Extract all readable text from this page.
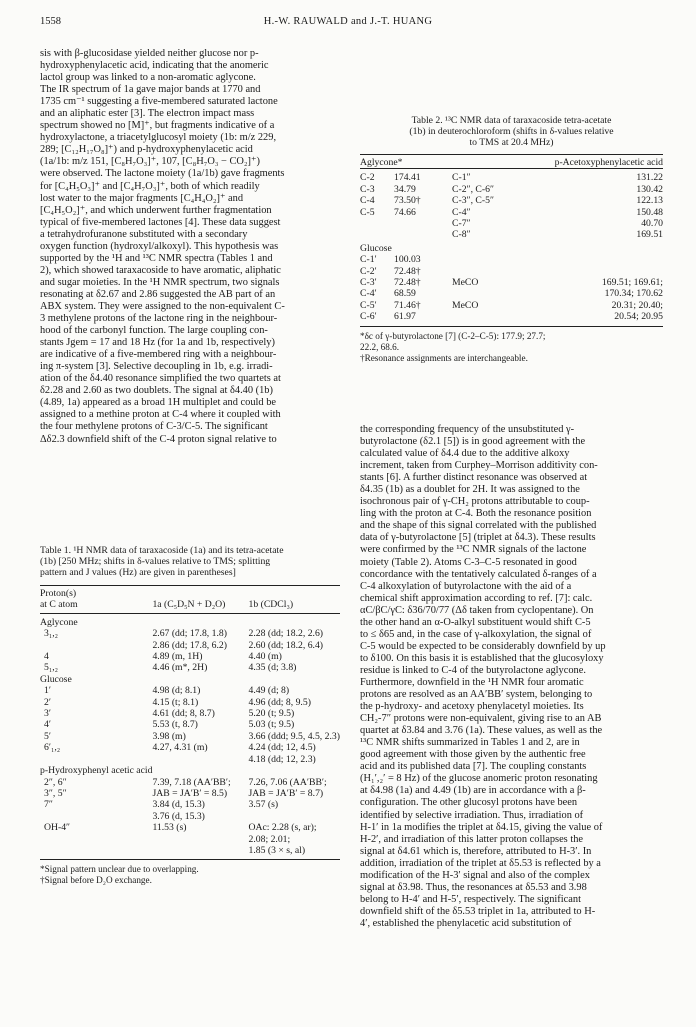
1558	H.-W. RAUWALD and J.-T. HUANG

sis with β-glucosidase yielded neither glucose nor p-
hydroxyphenylacetic acid, indicating that the anomeric
lactol group was linked to a non-aromatic aglycone.
The IR spectrum of 1a gave major bands at 1770 and
1735 cm⁻¹ suggesting a five-membered saturated lactone
and an aliphatic ester [3]. The electron impact mass
spectrum showed no [M]⁺, but fragments indicative of a
hydroxylactone, a triacetylglucosyl moiety (1b: m/z 229,
289; [C₁₂H₁₇O₈]⁺) and p-hydroxyphenylacetic acid
(1a/1b: m/z 151, [C₈H₇O₃]⁺, 107, [C₈H₇O₃ − CO₂]⁺)
were observed. The lactone moiety (1a/1b) gave fragments
for [C₄H₅O₃]⁺ and [C₄H₇O₃]⁺, both of which readily
lost water to the major fragments [C₄H₄O₂]⁺ and
[C₄H₅O₂]⁺, and which underwent further fragmentation
typical of five-membered lactones [4]. These data suggest
a tetrahydrofuranone substituted with a secondary
oxygen function (hydroxyl/alkoxyl). This hypothesis was
supported by the ¹H and ¹³C NMR spectra (Tables 1 and
2), which showed taraxacoside to have aromatic, aliphatic
and sugar moieties. In the ¹H NMR spectrum, two signals
resonating at δ2.67 and 2.86 suggested the AB part of an
ABX system. They were assigned to the non-equivalent C-
3 methylene protons of the lactone ring in the neighbour-
hood of the carbonyl function. The large coupling con-
stants Jgem = 17 and 18 Hz (for 1a and 1b, respectively)
are indicative of a five-membered ring with a neighbour-
ing π-system [3]. Selective decoupling in 1b, e.g. irradi-
ation of the δ4.40 resonance simplified the two quartets at
δ2.28 and 2.60 as two doublets. The signal at δ4.40 (1b)
(4.89, 1a) appeared as a broad 1H multiplet and could be
assigned to a methine proton at C-4 where it coupled with
the four methylene protons of C-3/C-5. The significant
Δδ2.3 downfield shift of the C-4 proton signal relative to

Table 2. ¹³C NMR data of taraxacoside tetra-acetate
(1b) in deuterochloroform (shifts in δ-values relative
to TMS at 20.4 MHz)

Aglycone*		p-Acetoxyphenylacetic acid	

C-2	174.41	C-1″	131.22
C-3	34.79	C-2″, C-6″	130.42
C-4	73.50†	C-3″, C-5″	122.13
C-5	74.66	C-4″	150.48
		C-7″	40.70
		C-8″	169.51
Glucose			
C-1′	100.03		
C-2′	72.48†		
C-3′	72.48†	MeCO	169.51; 169.61;
C-4′	68.59		170.34; 170.62
C-5′	71.46†	MeCO	20.31; 20.40;
C-6′	61.97		20.54; 20.95

*δc of γ-butyrolactone [7] (C-2–C-5): 177.9; 27.7;
22.2, 68.6.
†Resonance assignments are interchangeable.

the corresponding frequency of the unsubstituted γ-
butyrolactone (δ2.1 [5]) is in good agreement with the
calculated value of δ4.4 due to the additive alkoxy
increment, taken from Curphey–Morrison additivity con-
stants [6]. A further distinct resonance was observed at
δ4.35 (1b) as a doublet for 2H. It was assigned to the
isochronous pair of γ-CH₂ protons attributable to coup-
ling with the proton at C-4. Both the resonance position
and the shape of this signal correlated with the published
data of γ-butyrolactone [5] (triplet at δ4.3). These results
were confirmed by the ¹³C NMR signals of the lactone
moiety (Table 2). Atoms C-3–C-5 resonated in good
concordance with the tentatively calculated δ-ranges of a
C-4 alkoxylation of butyrolactone with the aid of a
chemical shift approximation according to ref. [7]: calc.
αC/βC/γC: δ36/70/77 (Δδ taken from cyclopentane). On
the other hand an α-O-alkyl substituent would shift C-5
to ≤ δ65 and, in the case of γ-alkoxylation, the signal of
C-5 would be expected to be considerably downfield by up
to δ100. On this basis it is established that the glucosyloxy
residue is linked to C-4 of the butyrolactone aglycone.
Furthermore, downfield in the ¹H NMR four aromatic
protons are resolved as an AA′BB′ system, belonging to
the p-hydroxy- and acetoxy phenylacetyl moieties. Its
CH₂-7″ protons were non-equivalent, giving rise to an AB
quartet at δ3.84 and 3.76 (1a). These values, as well as the
¹³C NMR shifts summarized in Tables 1 and 2, are in
good agreement with those given by the authentic free
acid and its published data [7]. The coupling constants
(H₁′,₂′ = 8 Hz) of the glucose anomeric proton resonating
at δ4.98 (1a) and 4.49 (1b) are in accordance with a β-
configuration. The other glucosyl protons have been
identified by selective irradiation. Thus, irradiation of
H-1′ in 1a modifies the triplet at δ4.15, giving the value of
H-2′, and irradiation of this latter proton collapses the
signal at δ4.61 which is, therefore, attributed to H-3′. In
addition, irradiation of the triplet at δ5.53 is reflected by a
modification of the H-3′ signal and also of the complex
signal at δ3.98. Thus, the resonances at δ5.53 and 3.98
belong to H-4′ and H-5′, respectively. The significant
downfield shift of the δ5.53 triplet in 1a, attributed to H-
4′, established the phenylacetic acid substitution of

Table 1. ¹H NMR data of taraxacoside (1a) and its tetra-acetate
(1b) [250 MHz; shifts in δ-values relative to TMS; splitting
pattern and J values (Hz) are given in parentheses]

Proton(s)		
at C atom	1a (C₅D₅N + D₂O)	1b (CDCl₃)
Aglycone		
3₁,₂	2.67 (dd; 17.8, 1.8)	2.28 (dd; 18.2, 2.6)
	2.86 (dd; 17.8, 6.2)	2.60 (dd; 18.2, 6.4)
4	4.89 (m, 1H)	4.40 (m)
5₁,₂	4.46 (m*, 2H)	4.35 (d; 3.8)
Glucose		
1′	4.98 (d; 8.1)	4.49 (d; 8)
2′	4.15 (t; 8.1)	4.96 (dd; 8, 9.5)
3′	4.61 (dd; 8, 8.7)	5.20 (t; 9.5)
4′	5.53 (t, 8.7)	5.03 (t; 9.5)
5′	3.98 (m)	3.66 (ddd; 9.5, 4.5, 2.3)
6′₁,₂	4.27, 4.31 (m)	4.24 (dd; 12, 4.5)
		4.18 (dd; 12, 2.3)
p-Hydroxyphenyl acetic acid		
2″, 6″	7.39, 7.18 (AA′BB′;	7.26, 7.06 (AA′BB′;
3″, 5″	JAB = JA′B′ = 8.5)	JAB = JA′B′ = 8.7)
7″	3.84 (d, 15.3)	3.57 (s)
	3.76 (d, 15.3)	
OH-4″	11.53 (s)	OAc: 2.28 (s, ar);
		2.08; 2.01;
		1.85 (3 × s, al)

*Signal pattern unclear due to overlapping.
†Signal before D₂O exchange.
